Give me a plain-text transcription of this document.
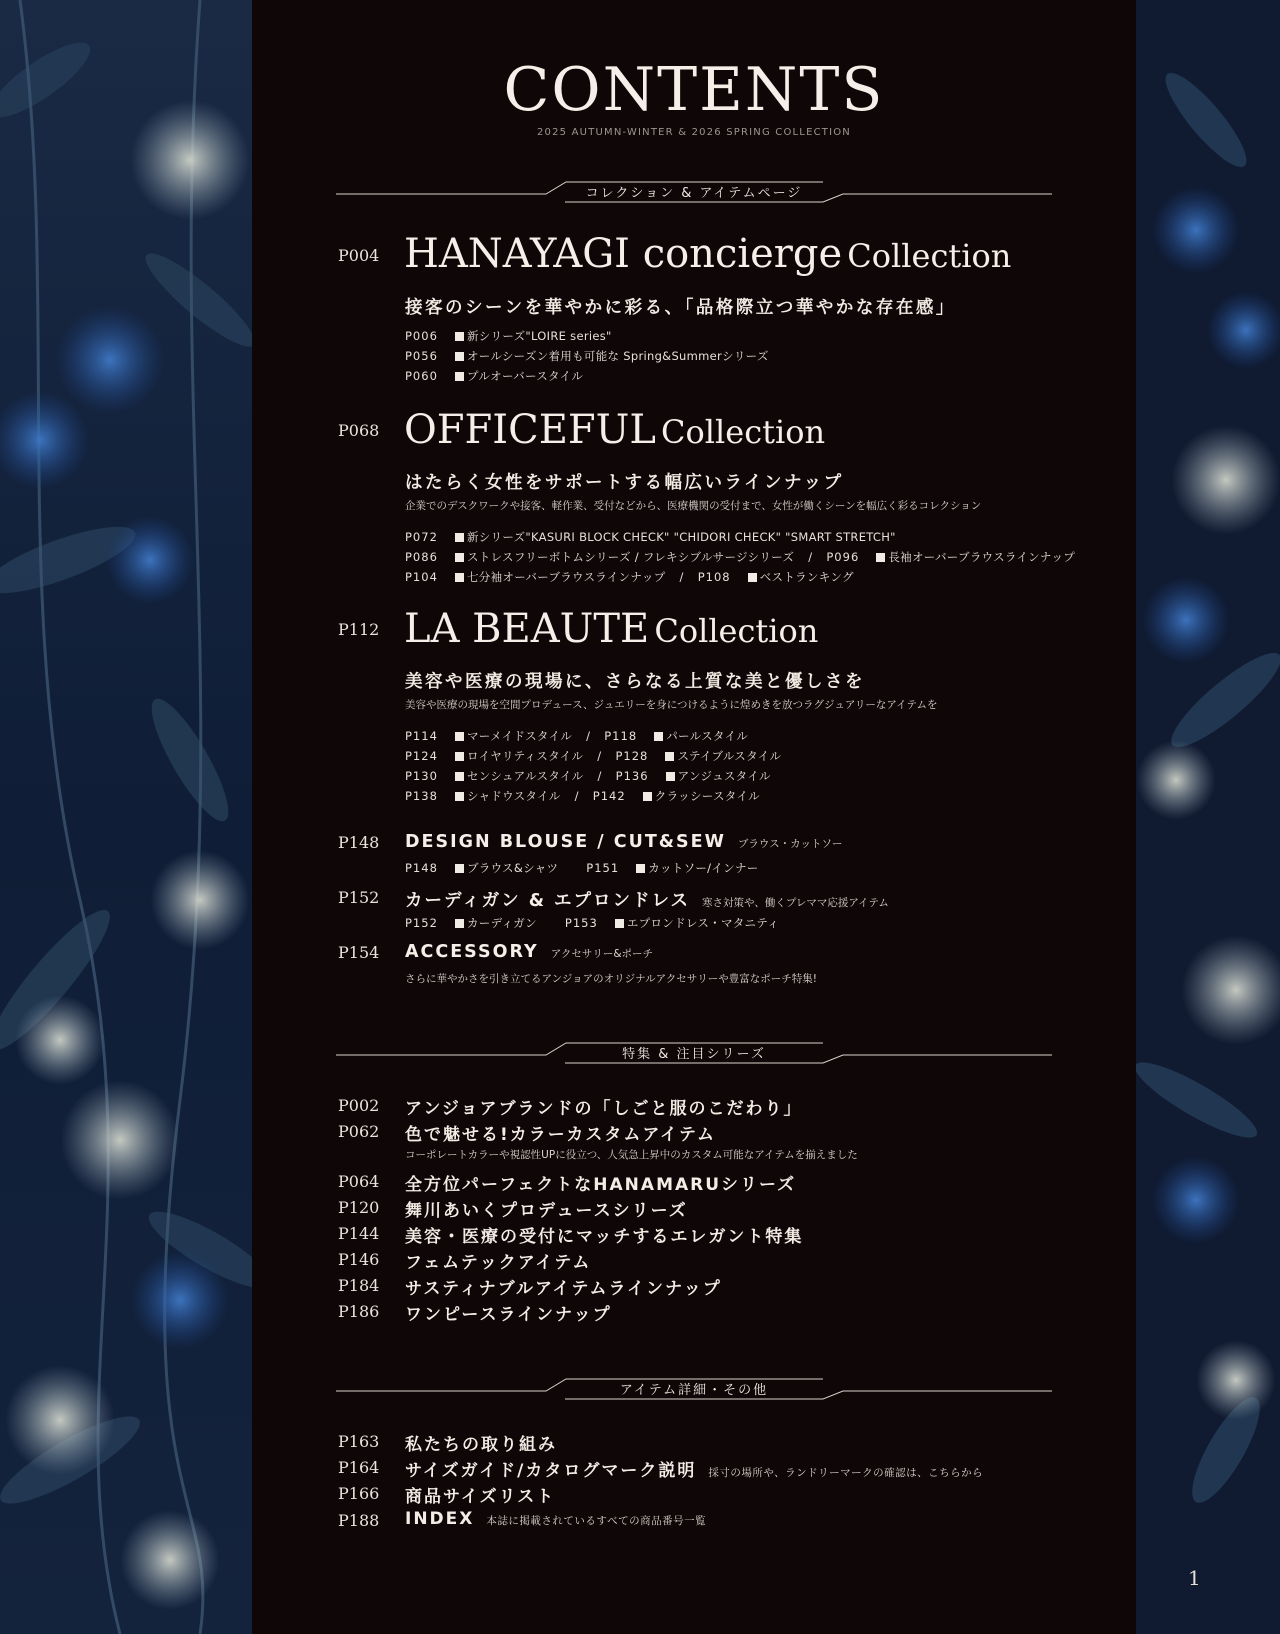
CONTENTS
2025 AUTUMN-WINTER & 2026 SPRING COLLECTION
コレクション & アイテムページ
P004 HANAYAGI concierge Collection
接客のシーンを華やかに彩る、「品格際立つ華やかな存在感」
P006	新シリーズ"LOIRE series"
P056	オールシーズン着用も可能な Spring&Summerシリーズ
P060	プルオーバースタイル
P068 OFFICEFUL Collection
はたらく女性をサポートする幅広いラインナップ
企業でのデスクワークや接客、軽作業、受付などから、医療機関の受付まで、女性が働くシーンを幅広く彩るコレクション
P072	新シリーズ"KASURI BLOCK CHECK" "CHIDORI CHECK" "SMART STRETCH"
P086	ストレスフリーボトムシリーズ / フレキシブルサージシリーズ / P096	長袖オーバーブラウスラインナップ
P104	七分袖オーバーブラウスラインナップ / P108	ベストランキング
P112 LA BEAUTE Collection
美容や医療の現場に、さらなる上質な美と優しさを
美容や医療の現場を空間プロデュース、ジュエリーを身につけるように煌めきを放つラグジュアリーなアイテムを
P114	マーメイドスタイル / P118	パールスタイル
P124	ロイヤリティスタイル / P128	ステイブルスタイル
P130	センシュアルスタイル / P136	アンジュスタイル
P138	シャドウスタイル / P142	クラッシースタイル
P148 DESIGN BLOUSE / CUT&SEW ブラウス・カットソー
P148	ブラウス&シャツ P151	カットソー/インナー
P152 カーディガン & エプロンドレス 寒さ対策や、働くプレママ応援アイテム
P152	カーディガン P153	エプロンドレス・マタニティ
P154 ACCESSORY アクセサリー&ポーチ
さらに華やかさを引き立てるアンジョアのオリジナルアクセサリーや豊富なポーチ特集!
特集 & 注目シリーズ
P002 アンジョアブランドの「しごと服のこだわり」
P062 色で魅せる!カラーカスタムアイテム
コーポレートカラーや視認性UPに役立つ、人気急上昇中のカスタム可能なアイテムを揃えました
P064 全方位パーフェクトなHANAMARUシリーズ
P120 舞川あいくプロデュースシリーズ
P144 美容・医療の受付にマッチするエレガント特集
P146 フェムテックアイテム
P184 サスティナブルアイテムラインナップ
P186 ワンピースラインナップ
アイテム詳細・その他
P163 私たちの取り組み
P164 サイズガイド/カタログマーク説明 採寸の場所や、ランドリーマークの確認は、こちらから
P166 商品サイズリスト
P188 INDEX 本誌に掲載されているすべての商品番号一覧
1
